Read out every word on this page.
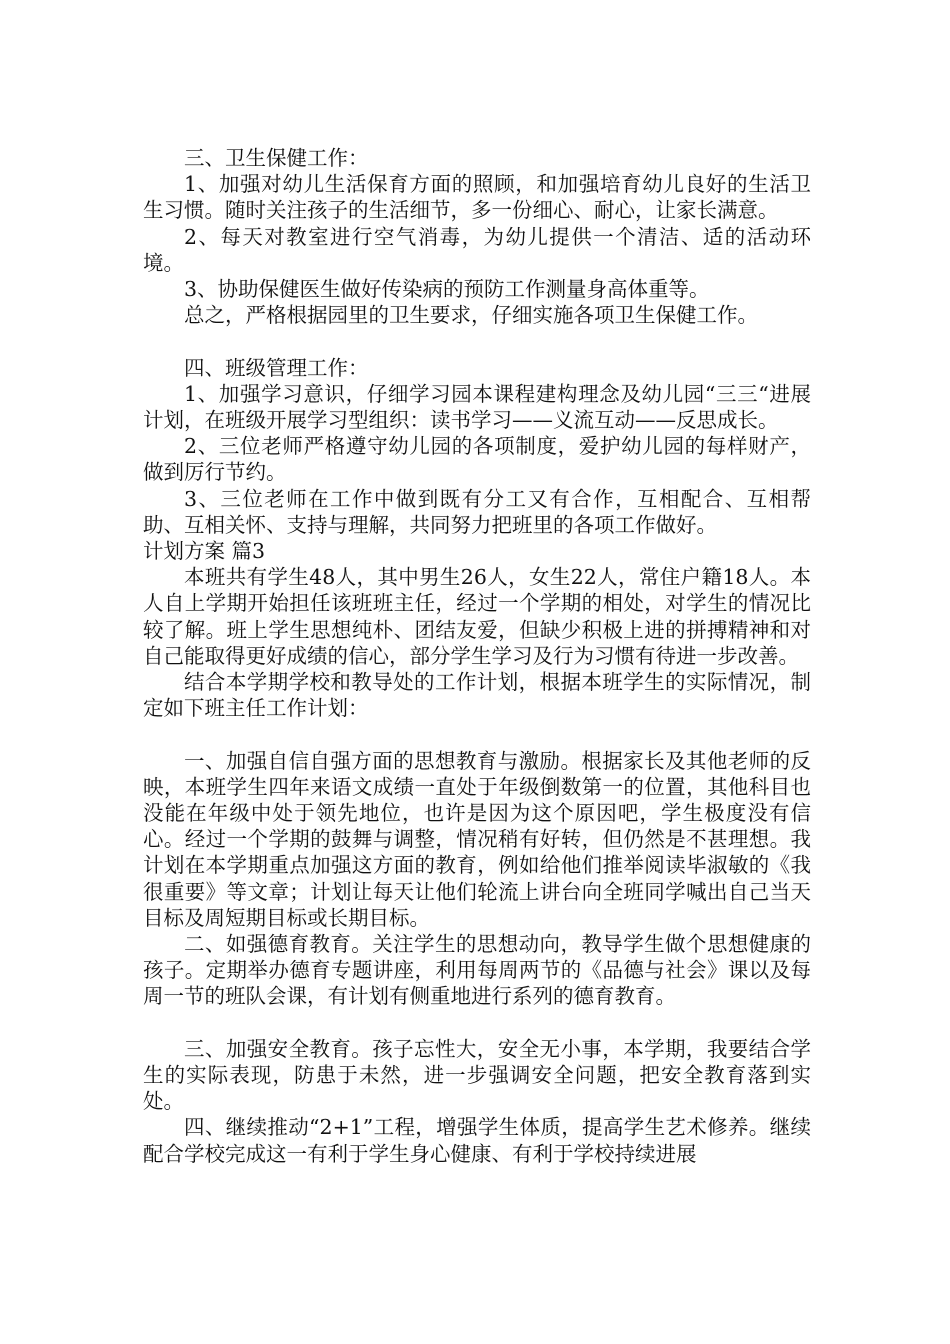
三、卫生保健工作：

1、加强对幼儿生活保育方面的照顾，和加强培育幼儿良好的生活卫生习惯。随时关注孩子的生活细节，多一份细心、耐心，让家长满意。

2、每天对教室进行空气消毒，为幼儿提供一个清洁、适的活动环境。

3、协助保健医生做好传染病的预防工作测量身高体重等。

总之，严格根据园里的卫生要求，仔细实施各项卫生保健工作。

四、班级管理工作：

1、加强学习意识，仔细学习园本课程建构理念及幼儿园“三三“进展计划，在班级开展学习型组织：读书学习——义流互动——反思成长。

2、三位老师严格遵守幼儿园的各项制度，爱护幼儿园的每样财产，做到厉行节约。

3、三位老师在工作中做到既有分工又有合作，互相配合、互相帮助、互相关怀、支持与理解，共同努力把班里的各项工作做好。

计划方案 篇3

本班共有学生48人，其中男生26人，女生22人，常住户籍18人。本人自上学期开始担任该班班主任，经过一个学期的相处，对学生的情况比较了解。班上学生思想纯朴、团结友爱，但缺少积极上进的拼搏精神和对自己能取得更好成绩的信心，部分学生学习及行为习惯有待进一步改善。

结合本学期学校和教导处的工作计划，根据本班学生的实际情况，制定如下班主任工作计划：

一、加强自信自强方面的思想教育与激励。根据家长及其他老师的反映，本班学生四年来语文成绩一直处于年级倒数第一的位置，其他科目也没能在年级中处于领先地位，也许是因为这个原因吧，学生极度没有信心。经过一个学期的鼓舞与调整，情况稍有好转，但仍然是不甚理想。我计划在本学期重点加强这方面的教育，例如给他们推举阅读毕淑敏的《我很重要》等文章；计划让每天让他们轮流上讲台向全班同学喊出自己当天目标及周短期目标或长期目标。

二、如强德育教育。关注学生的思想动向，教导学生做个思想健康的孩子。定期举办德育专题讲座，利用每周两节的《品德与社会》课以及每周一节的班队会课，有计划有侧重地进行系列的德育教育。

三、加强安全教育。孩子忘性大，安全无小事，本学期，我要结合学生的实际表现，防患于未然，进一步强调安全问题，把安全教育落到实处。

四、继续推动“2+1”工程，增强学生体质，提高学生艺术修养。继续配合学校完成这一有利于学生身心健康、有利于学校持续进展
